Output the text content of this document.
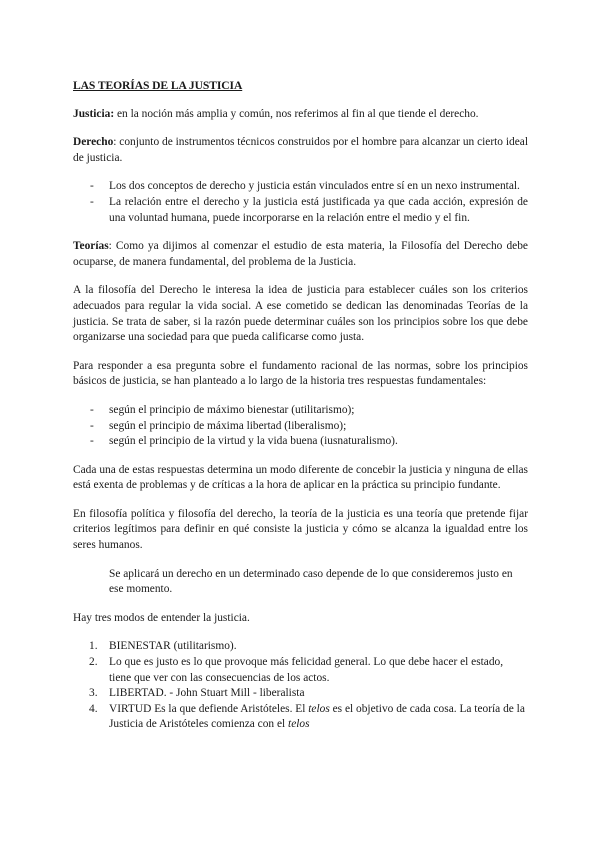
LAS TEORÍAS DE LA JUSTICIA

Justicia: en la noción más amplia y común, nos referimos al fin al que tiende el derecho.

Derecho: conjunto de instrumentos técnicos construidos por el hombre para alcanzar un cierto ideal de justicia.

- Los dos conceptos de derecho y justicia están vinculados entre sí en un nexo instrumental.
- La relación entre el derecho y la justicia está justificada ya que cada acción, expresión de una voluntad humana, puede incorporarse en la relación entre el medio y el fin.

Teorías: Como ya dijimos al comenzar el estudio de esta materia, la Filosofía del Derecho debe ocuparse, de manera fundamental, del problema de la Justicia.

A la filosofía del Derecho le interesa la idea de justicia para establecer cuáles son los criterios adecuados para regular la vida social. A ese cometido se dedican las denominadas Teorías de la justicia. Se trata de saber, si la razón puede determinar cuáles son los principios sobre los que debe organizarse una sociedad para que pueda calificarse como justa.

Para responder a esa pregunta sobre el fundamento racional de las normas, sobre los principios básicos de justicia, se han planteado a lo largo de la historia tres respuestas fundamentales:

- según el principio de máximo bienestar (utilitarismo);
- según el principio de máxima libertad (liberalismo);
- según el principio de la virtud y la vida buena (iusnaturalismo).

Cada una de estas respuestas determina un modo diferente de concebir la justicia y ninguna de ellas está exenta de problemas y de críticas a la hora de aplicar en la práctica su principio fundante.

En filosofía política y filosofía del derecho, la teoría de la justicia es una teoría que pretende fijar criterios legítimos para definir en qué consiste la justicia y cómo se alcanza la igualdad entre los seres humanos.

Se aplicará un derecho en un determinado caso depende de lo que consideremos justo en ese momento.

Hay tres modos de entender la justicia.

1. BIENESTAR (utilitarismo).
2. Lo que es justo es lo que provoque más felicidad general. Lo que debe hacer el estado, tiene que ver con las consecuencias de los actos.
3. LIBERTAD. - John Stuart Mill - liberalista
4. VIRTUD Es la que defiende Aristóteles. El telos es el objetivo de cada cosa. La teoría de la Justicia de Aristóteles comienza con el telos
